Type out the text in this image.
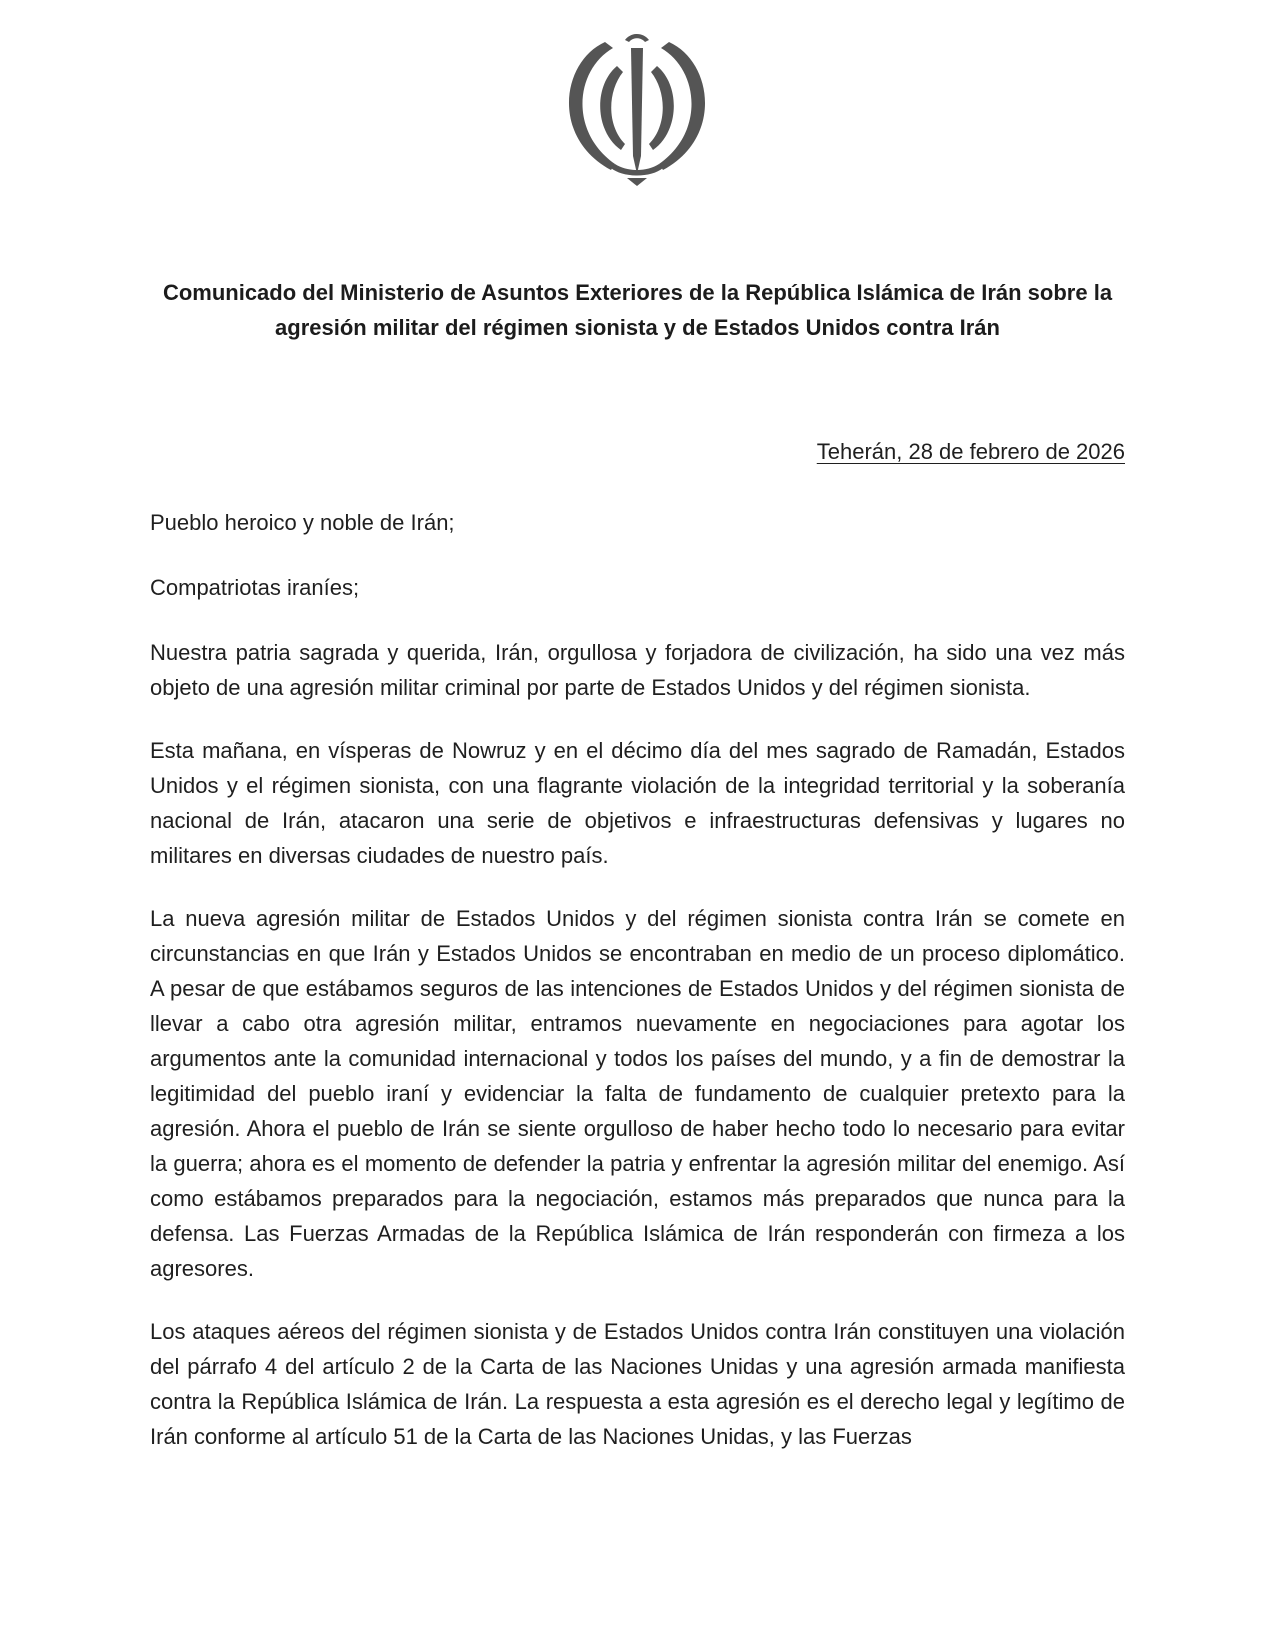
Comunicado del Ministerio de Asuntos Exteriores de la República Islámica de Irán sobre la
agresión militar del régimen sionista y de Estados Unidos contra Irán
Teherán, 28 de febrero de 2026

Pueblo heroico y noble de Irán;

Compatriotas iraníes;

Nuestra patria sagrada y querida, Irán, orgullosa y forjadora de civilización, ha sido una vez más objeto de una agresión militar criminal por parte de Estados Unidos y del régimen sionista.

Esta mañana, en vísperas de Nowruz y en el décimo día del mes sagrado de Ramadán, Estados Unidos y el régimen sionista, con una flagrante violación de la integridad territorial y la soberanía nacional de Irán, atacaron una serie de objetivos e infraestructuras defensivas y lugares no militares en diversas ciudades de nuestro país.

La nueva agresión militar de Estados Unidos y del régimen sionista contra Irán se comete en circunstancias en que Irán y Estados Unidos se encontraban en medio de un proceso diplomático. A pesar de que estábamos seguros de las intenciones de Estados Unidos y del régimen sionista de llevar a cabo otra agresión militar, entramos nuevamente en negociaciones para agotar los argumentos ante la comunidad internacional y todos los países del mundo, y a fin de demostrar la legitimidad del pueblo iraní y evidenciar la falta de fundamento de cualquier pretexto para la agresión. Ahora el pueblo de Irán se siente orgulloso de haber hecho todo lo necesario para evitar la guerra; ahora es el momento de defender la patria y enfrentar la agresión militar del enemigo. Así como estábamos preparados para la negociación, estamos más preparados que nunca para la defensa. Las Fuerzas Armadas de la República Islámica de Irán responderán con firmeza a los agresores.

Los ataques aéreos del régimen sionista y de Estados Unidos contra Irán constituyen una violación del párrafo 4 del artículo 2 de la Carta de las Naciones Unidas y una agresión armada manifiesta contra la República Islámica de Irán. La respuesta a esta agresión es el derecho legal y legítimo de Irán conforme al artículo 51 de la Carta de las Naciones Unidas, y las Fuerzas
